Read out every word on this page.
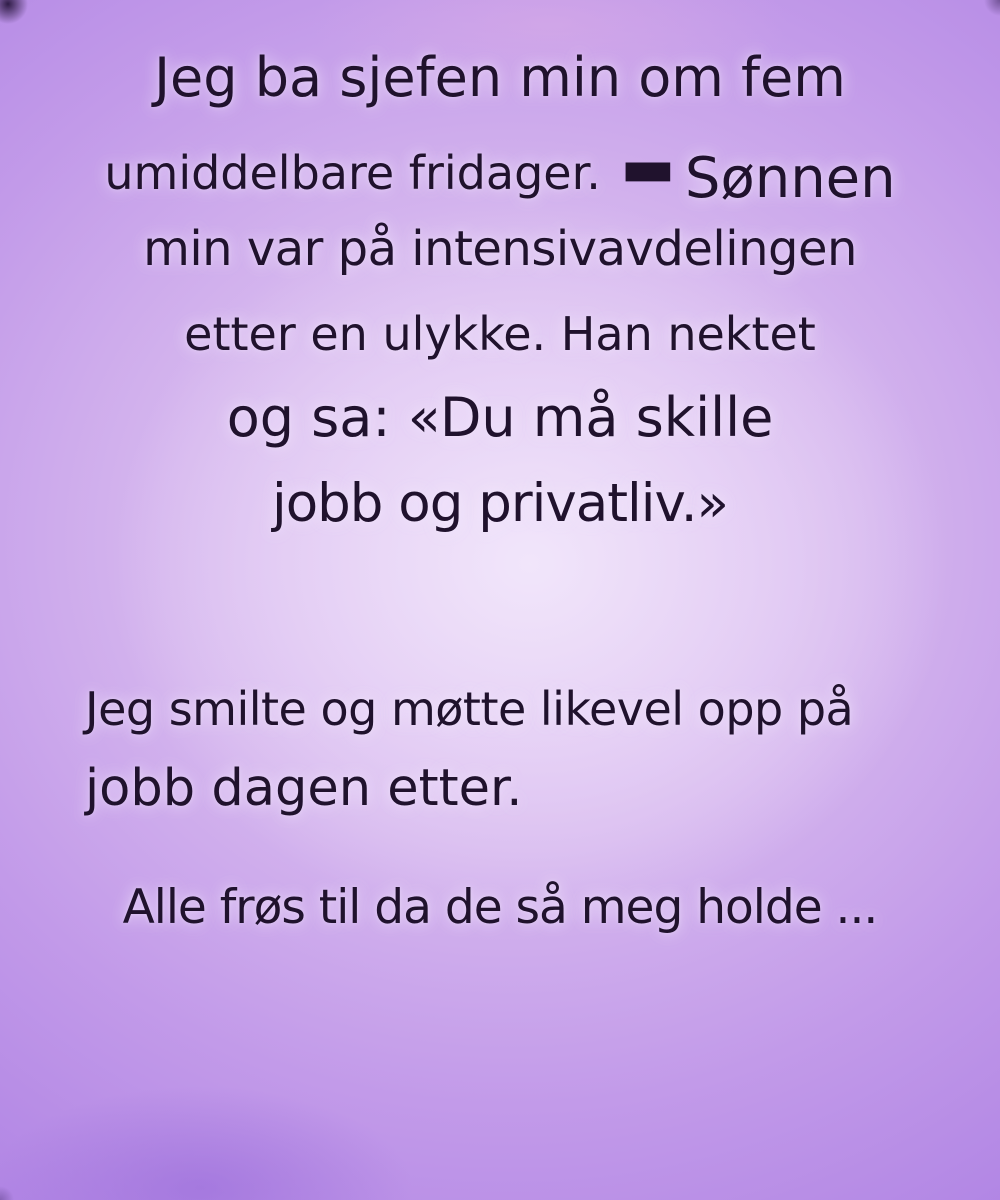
Jeg ba sjefen min om fem
umiddelbare fridager. — Sønnen
min var på intensivavdelingen
etter en ulykke. Han nektet
og sa: «Du må skille
jobb og privatliv.»
Jeg smilte og møtte likevel opp på
jobb dagen etter.
Alle frøs til da de så meg holde ...
